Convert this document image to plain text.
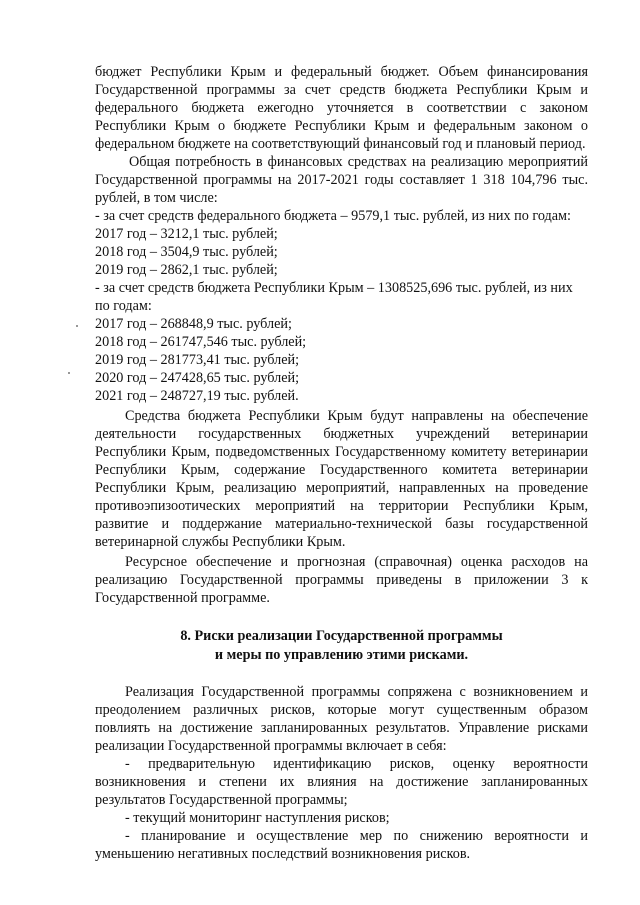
бюджет Республики Крым и федеральный бюджет. Объем финансирования Государственной программы за счет средств бюджета Республики Крым и федерального бюджета ежегодно уточняется в соответствии с законом Республики Крым о бюджете Республики Крым и федеральным законом о федеральном бюджете на соответствующий финансовый год и плановый период.

Общая потребность в финансовых средствах на реализацию мероприятий Государственной программы на 2017-2021 годы составляет 1 318 104,796 тыс. рублей, в том числе:

- за счет средств федерального бюджета – 9579,1 тыс. рублей, из них по годам:

2017 год – 3212,1 тыс. рублей;

2018 год – 3504,9 тыс. рублей;

2019 год – 2862,1 тыс. рублей;

- за счет средств бюджета Республики Крым – 1308525,696 тыс. рублей, из них по годам:

2017 год – 268848,9 тыс. рублей;

2018 год – 261747,546 тыс. рублей;

2019 год – 281773,41 тыс. рублей;

2020 год – 247428,65 тыс. рублей;

2021 год – 248727,19 тыс. рублей.

Средства бюджета Республики Крым будут направлены на обеспечение деятельности государственных бюджетных учреждений ветеринарии Республики Крым, подведомственных Государственному комитету ветеринарии Республики Крым, содержание Государственного комитета ветеринарии Республики Крым, реализацию мероприятий, направленных на проведение противоэпизоотических мероприятий на территории Республики Крым, развитие и поддержание материально-технической базы государственной ветеринарной службы Республики Крым.

Ресурсное обеспечение и прогнозная (справочная) оценка расходов на реализацию Государственной программы приведены в приложении 3 к Государственной программе.

8. Риски реализации Государственной программы
и меры по управлению этими рисками.

Реализация Государственной программы сопряжена с возникновением и преодолением различных рисков, которые могут существенным образом повлиять на достижение запланированных результатов. Управление рисками реализации Государственной программы включает в себя:

- предварительную идентификацию рисков, оценку вероятности возникновения и степени их влияния на достижение запланированных результатов Государственной программы;

- текущий мониторинг наступления рисков;

- планирование и осуществление мер по снижению вероятности и уменьшению негативных последствий возникновения рисков.
